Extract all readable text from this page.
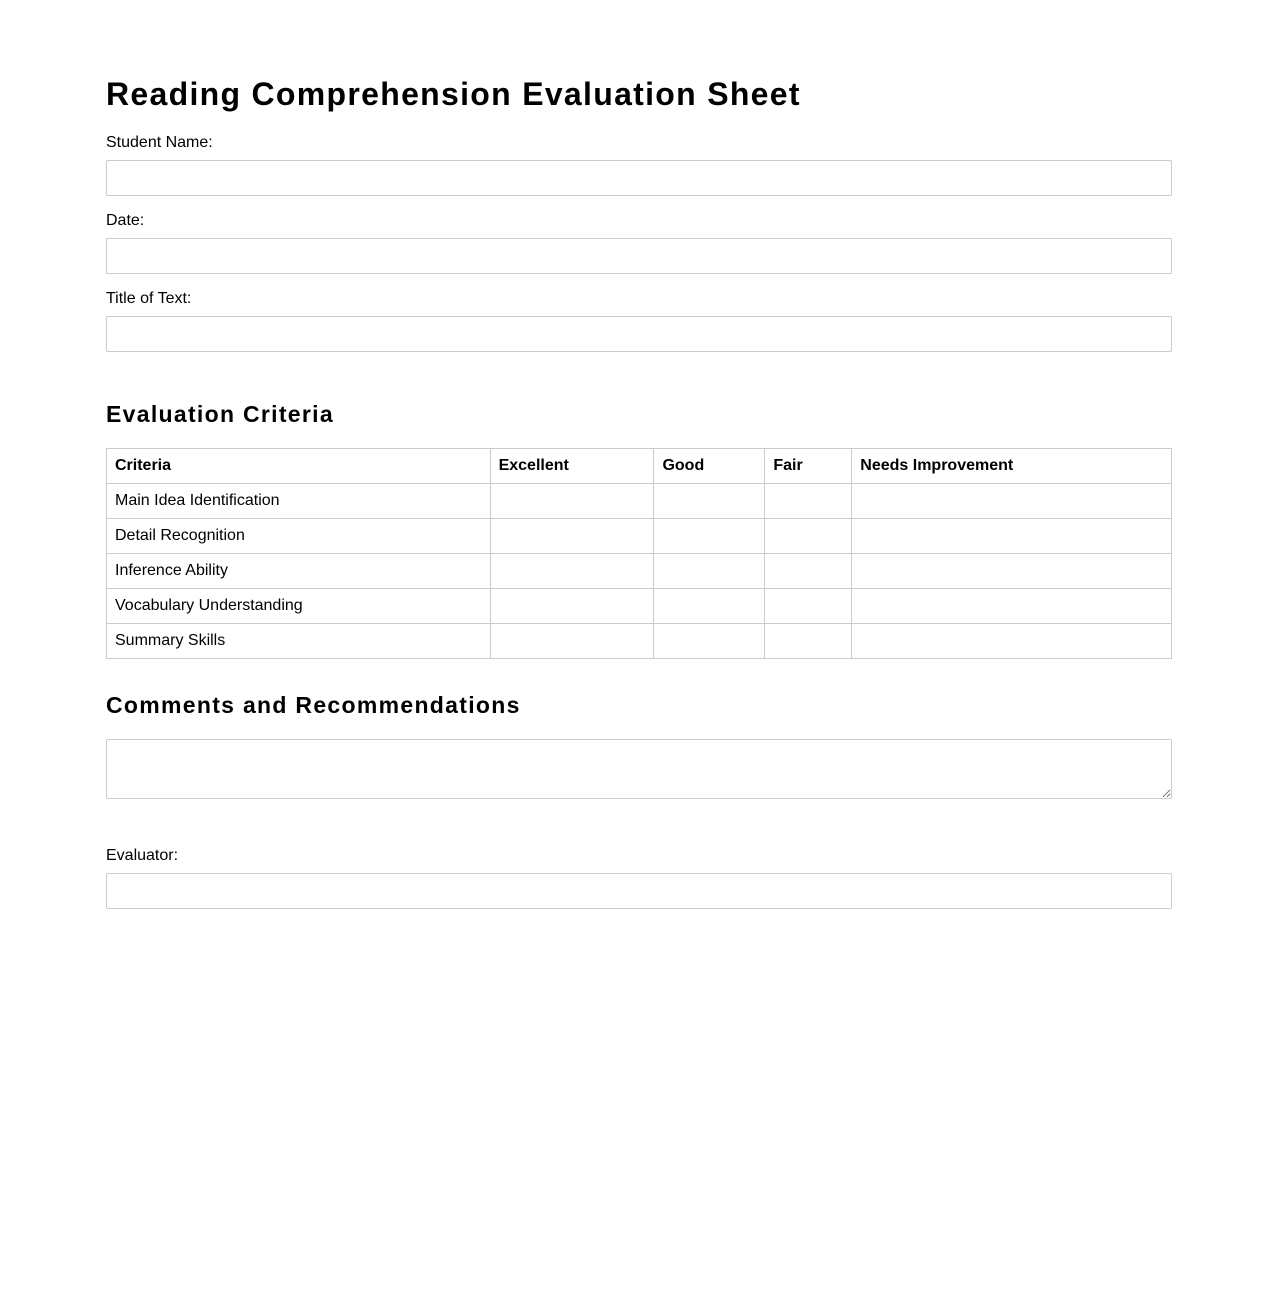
Reading Comprehension Evaluation Sheet
Student Name:
Date:
Title of Text:
Evaluation Criteria
Criteria	Excellent	Good	Fair	Needs Improvement
Main Idea Identification				
Detail Recognition				
Inference Ability				
Vocabulary Understanding				
Summary Skills				
Comments and Recommendations
Evaluator:
